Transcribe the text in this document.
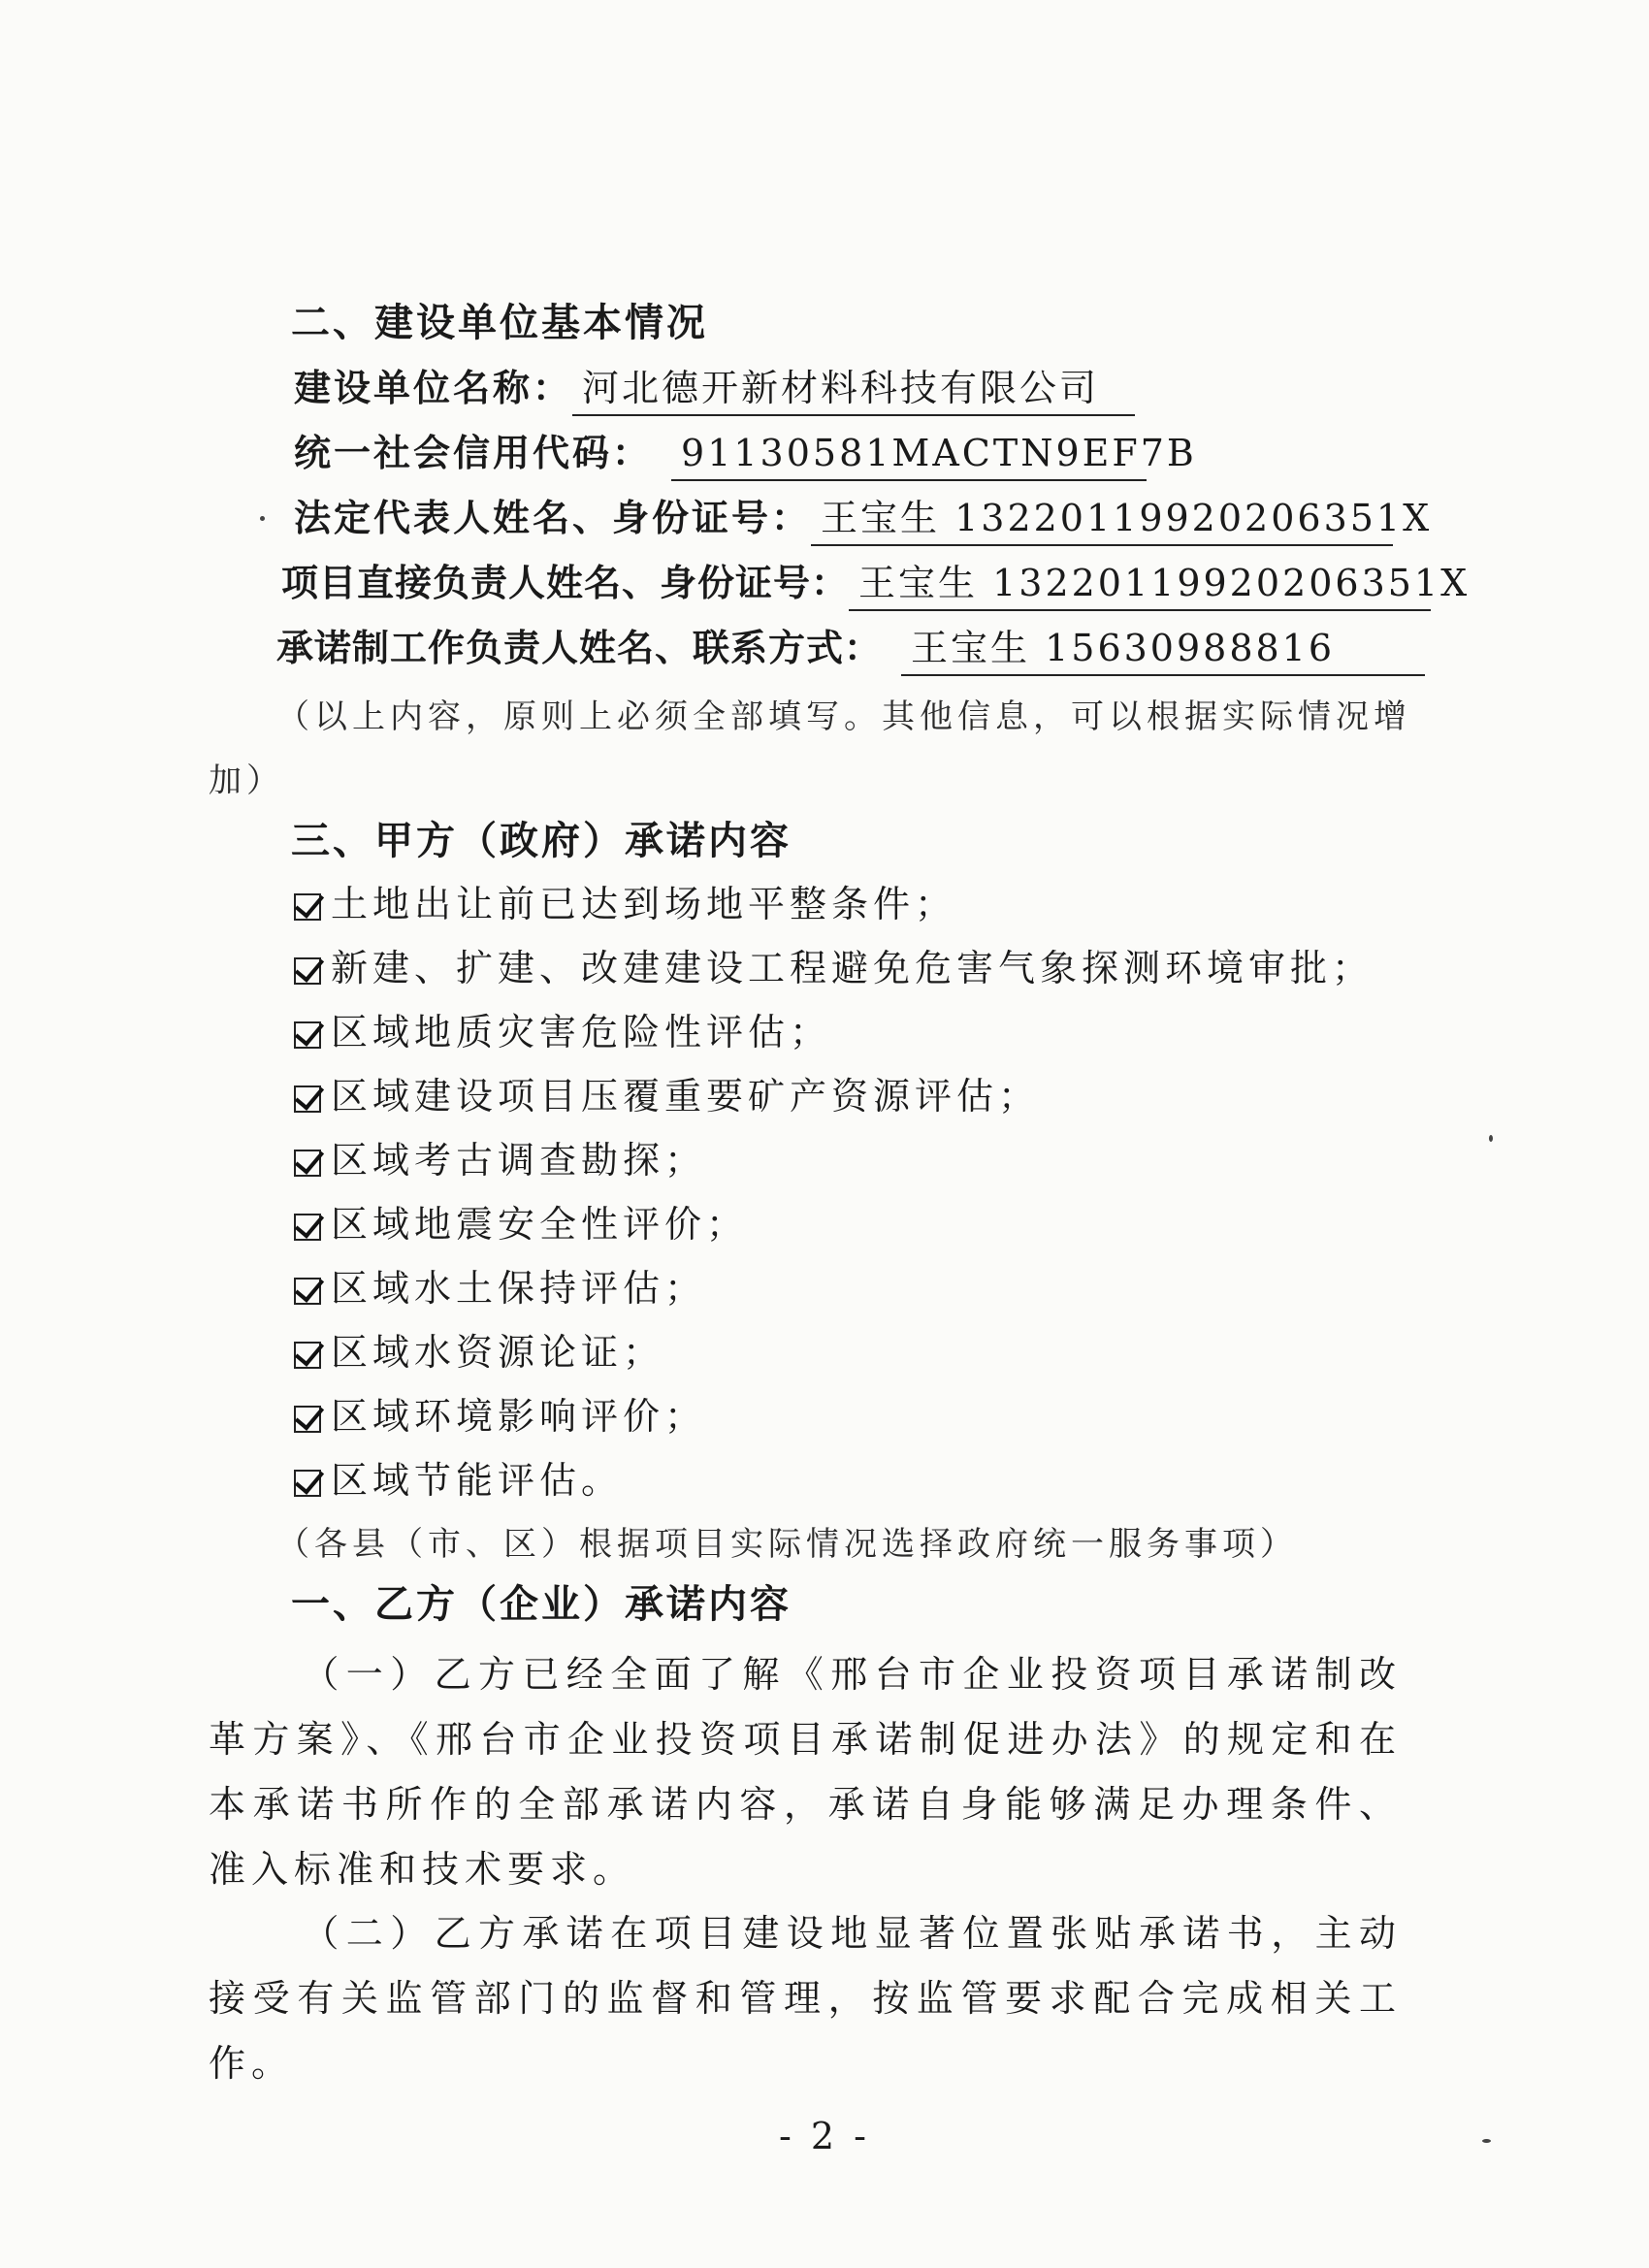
二、建设单位基本情况
建设单位名称： 河北德开新材料科技有限公司
统一社会信用代码： 91130581MACTN9EF7B
法定代表人姓名、身份证号： 王宝生 13220119920206351X
项目直接负责人姓名、身份证号： 王宝生 13220119920206351X
承诺制工作负责人姓名、联系方式： 王宝生 15630988816
（以上内容，原则上必须全部填写。其他信息，可以根据实际情况增
加）
三、甲方（政府）承诺内容
土地出让前已达到场地平整条件；
新建、扩建、改建建设工程避免危害气象探测环境审批；
区域地质灾害危险性评估；
区域建设项目压覆重要矿产资源评估；
区域考古调查勘探；
区域地震安全性评价；
区域水土保持评估；
区域水资源论证；
区域环境影响评价；
区域节能评估。
（各县（市、区）根据项目实际情况选择政府统一服务事项）
一、乙方（企业）承诺内容
（一）乙方已经全面了解《邢台市企业投资项目承诺制改革方案》、《邢台市企业投资项目承诺制促进办法》的规定和在本承诺书所作的全部承诺内容，承诺自身能够满足办理条件、准入标准和技术要求。
（二）乙方承诺在项目建设地显著位置张贴承诺书，主动接受有关监管部门的监督和管理，按监管要求配合完成相关工作。
- 2 -
